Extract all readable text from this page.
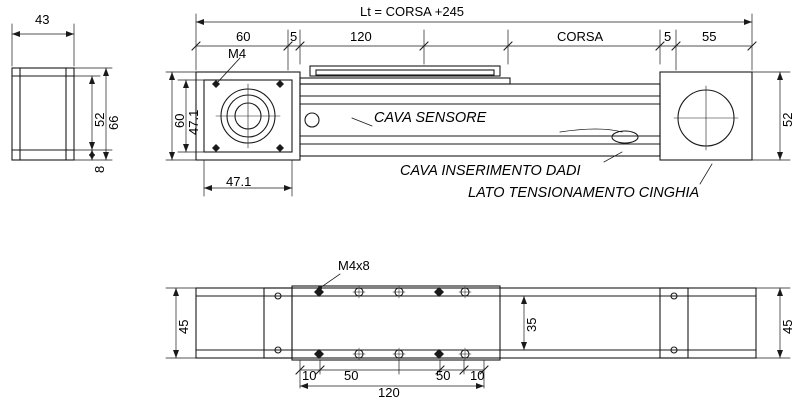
43
52 66
8
Lt = CORSA +245
60	5	120	CORSA	5 55
M4
60 47.1
47.1
52
CAVA SENSORE
CAVA INSERIMENTO DADI
LATO TENSIONAMENTO CINGHIA
M4x8
45	45
35
10 50	50 10
120
